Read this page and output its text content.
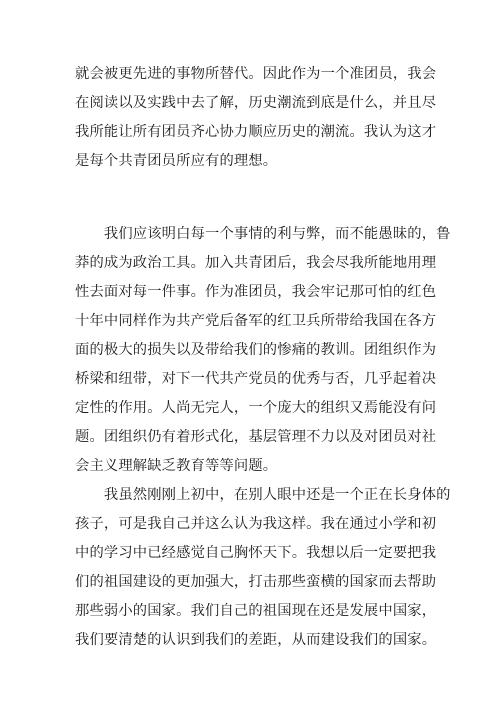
就会被更先进的事物所替代。因此作为一个准团员，我会
在阅读以及实践中去了解，历史潮流到底是什么，并且尽
我所能让所有团员齐心协力顺应历史的潮流。我认为这才
是每个共青团员所应有的理想。
　　我们应该明白每一个事情的利与弊，而不能愚昧的，鲁
莽的成为政治工具。加入共青团后，我会尽我所能地用理
性去面对每一件事。作为准团员，我会牢记那可怕的红色
十年中同样作为共产党后备军的红卫兵所带给我国在各方
面的极大的损失以及带给我们的惨痛的教训。团组织作为
桥梁和纽带，对下一代共产党员的优秀与否，几乎起着决
定性的作用。人尚无完人，一个庞大的组织又焉能没有问
题。团组织仍有着形式化，基层管理不力以及对团员对社
会主义理解缺乏教育等等问题。
　　我虽然刚刚上初中，在别人眼中还是一个正在长身体的
孩子，可是我自己并这么认为我这样。我在通过小学和初
中的学习中已经感觉自己胸怀天下。我想以后一定要把我
们的祖国建设的更加强大，打击那些蛮横的国家而去帮助
那些弱小的国家。我们自己的祖国现在还是发展中国家，
我们要清楚的认识到我们的差距，从而建设我们的国家。
